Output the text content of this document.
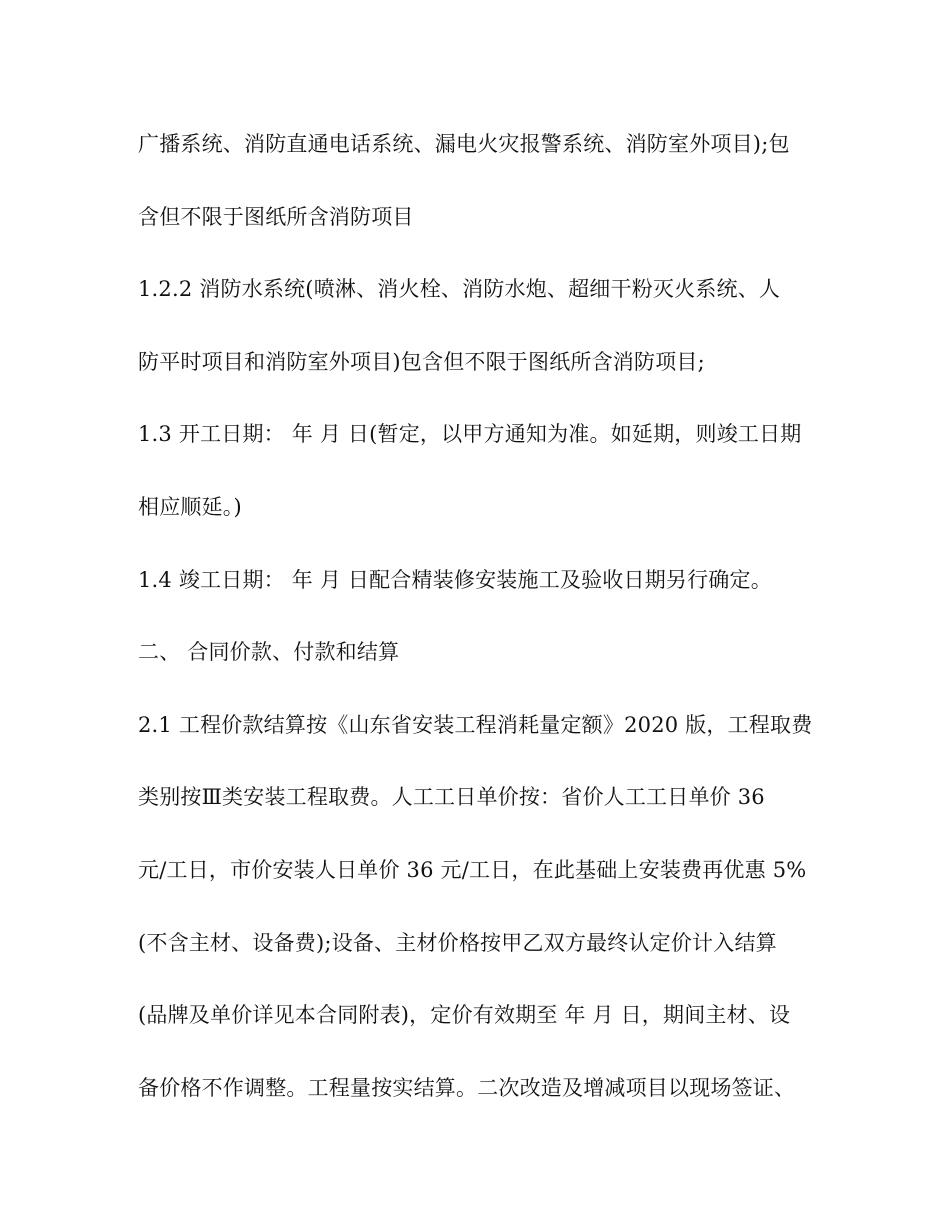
广播系统、消防直通电话系统、漏电火灾报警系统、消防室外项目);包
含但不限于图纸所含消防项目
1.2.2 消防水系统(喷淋、消火栓、消防水炮、超细干粉灭火系统、人
防平时项目和消防室外项目)包含但不限于图纸所含消防项目;
1.3 开工日期： 年 月 日(暂定，以甲方通知为准。如延期，则竣工日期
相应顺延。)
1.4 竣工日期： 年 月 日配合精装修安装施工及验收日期另行确定。
二、 合同价款、付款和结算
2.1 工程价款结算按《山东省安装工程消耗量定额》2020 版，工程取费
类别按Ⅲ类安装工程取费。人工工日单价按：省价人工工日单价 36
元/工日，市价安装人日单价 36 元/工日，在此基础上安装费再优惠 5%
(不含主材、设备费);设备、主材价格按甲乙双方最终认定价计入结算
(品牌及单价详见本合同附表)，定价有效期至 年 月 日，期间主材、设
备价格不作调整。工程量按实结算。二次改造及增减项目以现场签证、
